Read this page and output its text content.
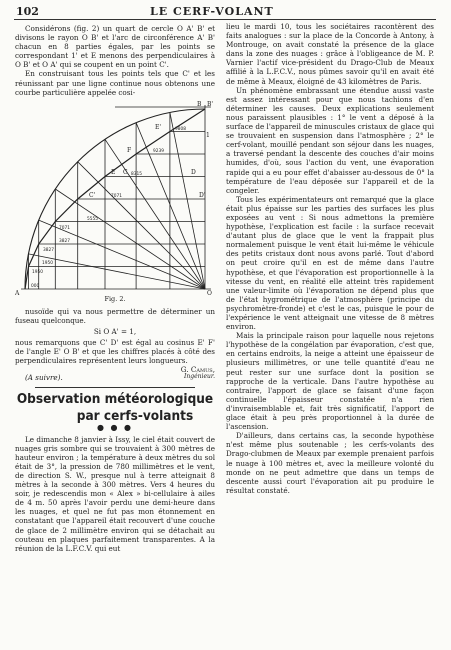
102	LE CERF-VOLANT

Considérons (fig. 2) un quart de cercle O A' B' et divisons le rayon O B' et l'arc de circonférence A' B' chacun en 8 parties égales, par les points se correspondant 1' et E menons des perpendiculaires à O B' et O A' qui se coupent en un point C'.

En construisant tous les points tels que C' et les réunissant par une ligne continue nous obtenons une courbe particulière appelée cosi-

B B'
A	O
E'
F
E C
C'
D
D'
1
9808
9239
8315
5555
3827
1950
000
7071
1950
3827
7071
Fig. 2.

nusoïde qui va nous permettre de déterminer un fuseau quelconque.

Si O A' = 1,

nous remarquons que C' D' est égal au cosinus E' F' de l'angle E' O B' et que les chiffres placés à côté des perpendiculaires représentent leurs longueurs.

G. Camus,
(A suivre).	Ingénieur.
Observation météorologique
par cerfs-volants
● ● ●

Le dimanche 8 janvier à Issy, le ciel était couvert de nuages gris sombre qui se trouvaient à 300 mètres de hauteur environ ; la température à deux mètres du sol était de 3°, la pression de 780 millimètres et le vent, de direction S. W., presque nul à terre atteignait 8 mètres à la seconde à 300 mètres. Vers 4 heures du soir, je redescendis mon « Alex » bi-cellulaire à ailes de 4 m. 50 après l'avoir perdu une demi-heure dans les nuages, et quel ne fut pas mon étonnement en constatant que l'appareil était recouvert d'une couche de glace de 2 millimètre environ qui se détachait au couteau en plaques parfaitement transparentes. A la réunion de la L.F.C.V. qui eut

lieu le mardi 10, tous les sociétaires racontèrent des faits analogues : sur la place de la Concorde à Antony, à Montrouge, on avait constaté la présence de la glace dans la zone des nuages : grâce à l'obligeance de M. P. Varnier l'actif vice-président du Drago-Club de Meaux affilié à la L.F.C.V., nous pûmes savoir qu'il en avait été de même à Meaux, éloigné de 43 kilomètres de Paris.

Un phénomène embrassant une étendue aussi vaste est assez intéressant pour que nous tachions d'en déterminer les causes. Deux explications seulement nous paraissent plausibles : 1° le vent a déposé à la surface de l'appareil de minuscules cristaux de glace qui se trouvaient en suspension dans l'atmosphère ; 2° le cerf-volant, mouillé pendant son séjour dans les nuages, a traversé pendant la descente des couches d'air moins humides, d'où, sous l'action du vent, une évaporation rapide qui a eu pour effet d'abaisser au-dessous de 0° la température de l'eau déposée sur l'appareil et de la congeler.

Tous les expérimentateurs ont remarqué que la glace était plus épaisse sur les parties des surfaces les plus exposées au vent : Si nous admettons la première hypothèse, l'explication est facile : la surface recevait d'autant plus de glace que le vent la frappait plus normalement puisque le vent était lui-même le véhicule des petits cristaux dont nous avons parlé. Tout d'abord on peut croire qu'il en est de même dans l'autre hypothèse, et que l'évaporation est proportionnelle à la vitesse du vent, en réalité elle atteint très rapidement une valeur-limite où l'évaporation ne dépend plus que de l'état hygrométrique de l'atmosphère (principe du psychromètre-fronde) et c'est le cas, puisque le pour de l'expérience le vent atteignait une vitesse de 8 mètres environ.

Mais la principale raison pour laquelle nous rejetons l'hypothèse de la congélation par évaporation, c'est que, en certains endroits, la neige a atteint une épaisseur de plusieurs millimètres, or une telle quantité d'eau ne peut rester sur une surface dont la position se rapproche de la verticale. Dans l'autre hypothèse au contraire, l'apport de glace se faisant d'une façon continuelle l'épaisseur constatée n'a rien d'invraisemblable et, fait très significatif, l'apport de glace était à peu près proportionnel à la durée de l'ascension.

D'ailleurs, dans certains cas, la seconde hypothèse n'est même plus soutenable ; les cerfs-volants des Drago-clubmen de Meaux par exemple prenaient parfois le nuage à 100 mètres et, avec la meilleure volonté du monde on ne peut admettre que dans un temps de descente aussi court l'évaporation ait pu produire le résultat constaté.
